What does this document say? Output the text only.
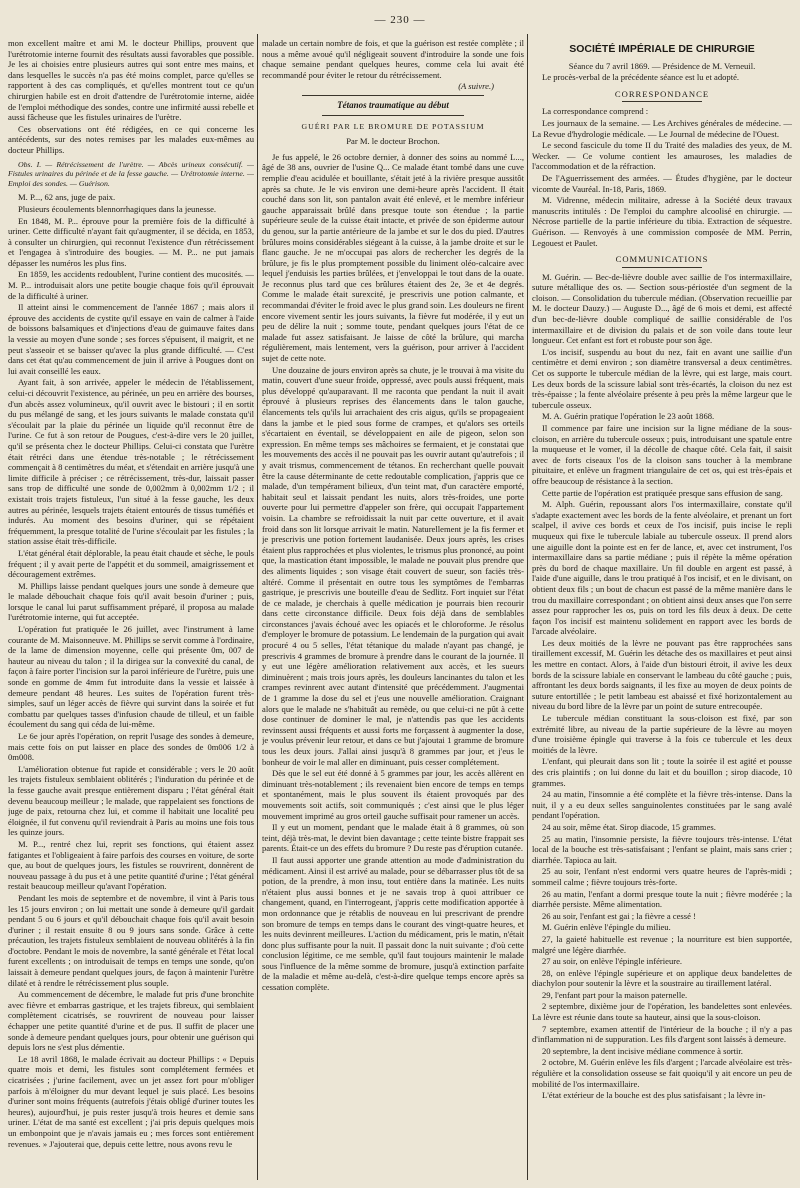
— 230 —

mon excellent maître et ami M. le docteur Phillips, prouvent que l'urétrotomie interne fournit des résultats aussi favorables que possible. Je les ai choisies entre plusieurs autres qui sont entre mes mains, et dans lesquelles le succès n'a pas été moins complet, parce qu'elles se rapportent à des cas compliqués, et qu'elles montrent tout ce qu'un chirurgien habile est en droit d'attendre de l'urétrotomie interne, aidée de l'emploi méthodique des sondes, contre une infirmité aussi rebelle et aussi fâcheuse que les fistules urinaires de l'urètre.

Ces observations ont été rédigées, en ce qui concerne les antécédents, sur des notes remises par les malades eux-mêmes au docteur Phillips.

Obs. I. — Rétrécissement de l'urètre. — Abcès urineux consécutif. — Fistules urinaires du périnée et de la fesse gauche. — Urétrotomie interne. — Emploi des sondes. — Guérison.

M. P..., 62 ans, juge de paix.

Plusieurs écoulements blennorrhagiques dans la jeunesse.

En 1848, M. P... éprouve pour la première fois de la difficulté à uriner. Cette difficulté n'ayant fait qu'augmenter, il se décida, en 1853, à consulter un chirurgien, qui reconnut l'existence d'un rétrécissement et l'engagea à s'introduire des bougies. — M. P... ne put jamais dépasser les numéros les plus fins.

En 1859, les accidents redoublent, l'urine contient des mucosités. — M. P... introduisait alors une petite bougie chaque fois qu'il éprouvait de la difficulté à uriner.

Il atteint ainsi le commencement de l'année 1867 ; mais alors il éprouve des accidents de cystite qu'il essaye en vain de calmer à l'aide de boissons balsamiques et d'injections d'eau de guimauve faites dans la vessie au moyen d'une sonde ; ses forces s'épuisent, il maigrit, et ne peut s'asseoir et se baisser qu'avec la plus grande difficulté. — C'est dans cet état qu'au commencement de juin il arrive à Pougues dont on lui avait conseillé les eaux.

Ayant fait, à son arrivée, appeler le médecin de l'établissement, celui-ci découvrit l'existence, au périnée, un peu en arrière des bourses, d'un abcès assez volumineux, qu'il ouvrit avec le bistouri ; il en sortit du pus mélangé de sang, et les jours suivants le malade constata qu'il s'écoulait par la plaie du périnée un liquide qu'il reconnut être de l'urine. Ce fut à son retour de Pougues, c'est-à-dire vers le 20 juillet, qu'il se présenta chez le docteur Phillips. Celui-ci constata que l'urètre était rétréci dans une étendue très-notable ; le rétrécissement commençait à 8 centimètres du méat, et s'étendait en arrière jusqu'à une limite difficile à préciser ; ce rétrécissement, très-dur, laissait passer sans trop de difficulté une sonde de 0,002mm à 0,002mm 1/2 ; il existait trois trajets fistuleux, l'un situé à la fesse gauche, les deux autres au périnée, lesquels trajets étaient entourés de tissus tuméfiés et indurés. Au moment des besoins d'uriner, qui se répétaient fréquemment, la presque totalité de l'urine s'écoulait par les fistules ; la station assise était très-difficile.

L'état général était déplorable, la peau était chaude et sèche, le pouls fréquent ; il y avait perte de l'appétit et du sommeil, amaigrissement et découragement extrêmes.

M. Phillips laisse pendant quelques jours une sonde à demeure que le malade débouchait chaque fois qu'il avait besoin d'uriner ; puis, lorsque le canal lui parut suffisamment préparé, il proposa au malade l'urétrotomie interne, qui fut acceptée.

L'opération fut pratiquée le 26 juillet, avec l'instrument à lame courante de M. Maisonneuve. M. Phillips se servit comme à l'ordinaire, de la lame de dimension moyenne, celle qui présente 0m, 007 de hauteur au niveau du talon ; il la dirigea sur la convexité du canal, de façon à faire porter l'incision sur la paroi inférieure de l'urètre, puis une sonde en gomme de 4mm fut introduite dans la vessie et laissée à demeure pendant 48 heures. Les suites de l'opération furent très-simples, sauf un léger accès de fièvre qui survint dans la soirée et fut combattu par quelques tasses d'infusion chaude de tilleul, et un faible écoulement du sang qui céda de lui-même.

Le 6e jour après l'opération, on reprit l'usage des sondes à demeure, mais cette fois on put laisser en place des sondes de 0m006 1/2 à 0m008.

L'amélioration obtenue fut rapide et considérable ; vers le 20 août les trajets fistuleux semblaient oblitérés ; l'induration du périnée et de la fesse gauche avait presque entièrement disparu ; l'état général était devenu beaucoup meilleur ; le malade, que rappelaient ses fonctions de juge de paix, retourna chez lui, et comme il habitait une localité peu éloignée, il fut convenu qu'il reviendrait à Paris au moins une fois tous les quinze jours.

M. P..., rentré chez lui, reprit ses fonctions, qui étaient assez fatigantes et l'obligeaient à faire parfois des courses en voiture, de sorte que, au bout de quelques jours, les fistules se rouvrirent, donnèrent de nouveau passage à du pus et à une petite quantité d'urine ; l'état général restait beaucoup meilleur qu'avant l'opération.

Pendant les mois de septembre et de novembre, il vint à Paris tous les 15 jours environ ; on lui mettait une sonde à demeure qu'il gardait pendant 5 ou 6 jours et qu'il débouchait chaque fois qu'il avait besoin d'uriner ; il restait ensuite 8 ou 9 jours sans sonde. Grâce à cette précaution, les trajets fistuleux semblaient de nouveau oblitérés à la fin d'octobre. Pendant le mois de novembre, la santé générale et l'état local furent excellents ; on introduisait de temps en temps une sonde, qu'on laissait à demeure pendant quelques jours, de façon à maintenir l'urètre dilaté et à rendre le rétrécissement plus souple.

Au commencement de décembre, le malade fut pris d'une bronchite avec fièvre et embarras gastrique, et les trajets fibreux, qui semblaient complètement cicatrisés, se rouvrirent de nouveau pour laisser échapper une petite quantité d'urine et de pus. Il suffit de placer une sonde à demeure pendant quelques jours, pour obtenir une guérison qui depuis lors ne s'est plus démentie.

Le 18 avril 1868, le malade écrivait au docteur Phillips : « Depuis quatre mois et demi, les fistules sont complétement fermées et cicatrisées ; j'urine facilement, avec un jet assez fort pour m'obliger parfois à m'éloigner du mur devant lequel je suis placé. Les besoins d'uriner sont moins fréquents (autrefois j'étais obligé d'uriner toutes les heures), aujourd'hui, je puis rester jusqu'à trois heures et demie sans uriner. L'état de ma santé est excellent ; j'ai pris depuis quelques mois un embonpoint que je n'avais jamais eu ; mes forces sont entièrement revenues. » J'ajouterai que, depuis cette lettre, nous avons revu le

malade un certain nombre de fois, et que la guérison est restée complète ; il nous a même avoué qu'il négligeait souvent d'introduire la sonde une fois chaque semaine pendant quelques heures, comme cela lui avait été recommandé pour éviter le retour du rétrécissement.

(A suivre.)

Tétanos traumatique au début

GUÉRI PAR LE BROMURE DE POTASSIUM

Par M. le docteur Brochon.

Je fus appelé, le 26 octobre dernier, à donner des soins au nommé L..., âgé de 38 ans, ouvrier de l'usine Q... Ce malade étant tombé dans une cuve remplie d'eau acidulée et bouillante, s'était jeté à la rivière presque aussitôt après sa chute. Je le vis environ une demi-heure après l'accident. Il était couché dans son lit, son pantalon avait été enlevé, et le membre inférieur gauche apparaissait brûlé dans presque toute son étendue ; la partie supérieure seule de la cuisse était intacte, et privée de son épiderme autour du genou, sur la partie antérieure de la jambe et sur le dos du pied. D'autres brûlures moins considérables siégeant à la cuisse, à la jambe droite et sur le flanc gauche. Je ne m'occupai pas alors de rechercher les degrés de la brûlure, je fis le plus promptement possible du liniment oléo-calcaire avec lequel j'enduisis les parties brûlées, et j'enveloppai le tout dans de la ouate. Je reconnus plus tard que ces brûlures étaient des 2e, 3e et 4e degrés. Comme le malade était surexcité, je prescrivis une potion calmante, et recommandai d'éviter le froid avec le plus grand soin. Les douleurs ne firent encore vivement sentir les jours suivants, la fièvre fut modérée, il y eut un peu de délire la nuit ; somme toute, pendant quelques jours l'état de ce malade fut assez satisfaisant. Je laisse de côté la brûlure, qui marcha régulièrement, mais lentement, vers la guérison, pour arriver à l'accident sujet de cette note.

Une douzaine de jours environ après sa chute, je le trouvai à ma visite du matin, couvert d'une sueur froide, oppressé, avec pouls aussi fréquent, mais plus développé qu'auparavant. Il me raconta que pendant la nuit il avait éprouvé à plusieurs reprises des élancements dans le talon gauche, élancements tels qu'ils lui arrachaient des cris aigus, qu'ils se propageaient dans la jambe et le pied sous forme de crampes, et qu'alors ses orteils s'écartaient en éventail, se développaient en aile de pigeon, selon son expression. En même temps ses mâchoires se fermaient, et je constatai que les mouvements des accès il ne pouvait pas les ouvrir autant qu'autrefois ; il y avait trismus, commencement de tétanos. En recherchant quelle pouvait être la cause déterminante de cette redoutable complication, j'appris que ce malade, d'un tempérament bilieux, d'un teint mat, d'un caractère emporté, habitait seul et laissait pendant les nuits, alors très-froides, une porte ouverte pour lui permettre d'appeler son frère, qui occupait l'appartement voisin. La chambre se refroidissait la nuit par cette ouverture, et il avait froid dans son lit lorsque arrivait le matin. Naturellement je la fis fermer et je prescrivis une potion fortement laudanisée. Deux jours après, les crises étaient plus rapprochées et plus violentes, le trismus plus prononcé, au point que, la mastication étant impossible, le malade ne pouvait plus prendre que des aliments liquides ; son visage était couvert de sueur, son faciès très-altéré. Comme il présentait en outre tous les symptômes de l'embarras gastrique, je prescrivis une bouteille d'eau de Sedlitz. Fort inquiet sur l'état de ce malade, je cherchais à quelle médication je pourrais bien recourir dans cette circonstance difficile. Deux fois déjà dans de semblables circonstances j'avais échoué avec les opiacés et le chloroforme. Je résolus d'employer le bromure de potassium. Le lendemain de la purgation qui avait procuré 4 ou 5 selles, l'état tétanique du malade n'ayant pas changé, je prescrivis 4 grammes de bromure à prendre dans le courant de la journée. Il y eut une légère amélioration relativement aux accès, et les sueurs diminuèrent ; mais trois jours après, les douleurs lancinantes du talon et les crampes revinrent avec autant d'intensité que précédemment. J'augmentai de 1 gramme la dose du sel et j'eus une nouvelle amélioration. Craignant alors que le malade ne s'habituât au remède, ou que celui-ci ne pût à cette dose continuer de dominer le mal, je n'attendis pas que les accidents revinssent aussi fréquents et aussi forts me forçassent à augmenter la dose, je voulus prévenir leur retour, et dans ce but j'ajoutai 1 gramme de bromure tous les deux jours. J'allai ainsi jusqu'à 8 grammes par jour, et j'eus le bonheur de voir le mal aller en diminuant, puis cesser complétement.

Dès que le sel eut été donné à 5 grammes par jour, les accès allèrent en diminuant très-notablement ; ils revenaient bien encore de temps en temps et spontanément, mais le plus souvent ils étaient provoqués par des mouvements soit actifs, soit communiqués ; c'est ainsi que le plus léger mouvement imprimé au gros orteil gauche suffisait pour ramener un accès.

Il y eut un moment, pendant que le malade était à 8 grammes, où son teint, déjà très-mat, le devint bien davantage ; cette teinte bistre frappait ses parents. Était-ce un des effets du bromure ? Du reste pas d'éruption cutanée.

Il faut aussi apporter une grande attention au mode d'administration du médicament. Ainsi il est arrivé au malade, pour se débarrasser plus tôt de sa potion, de la prendre, à mon insu, tout entière dans la matinée. Les nuits n'étaient plus aussi bonnes et je ne savais trop à quoi attribuer ce changement, quand, en l'interrogeant, j'appris cette modification apportée à mon ordonnance que je rétablis de nouveau en lui prescrivant de prendre son bromure de temps en temps dans le courant des vingt-quatre heures, et les nuits devinrent meilleures. L'action du médicament, pris le matin, n'était donc plus suffisante pour la nuit. Il passait donc la nuit suivante ; d'où cette conclusion légitime, ce me semble, qu'il faut toujours maintenir le malade sous l'influence de la même somme de bromure, jusqu'à extinction parfaite de la maladie et même au-delà, c'est-à-dire quelque temps encore après sa cessation complète.

SOCIÉTÉ IMPÉRIALE DE CHIRURGIE

Séance du 7 avril 1869. — Présidence de M. Verneuil.

Le procès-verbal de la précédente séance est lu et adopté.

CORRESPONDANCE

La correspondance comprend :

Les journaux de la semaine. — Les Archives générales de médecine. — La Revue d'hydrologie médicale. — Le Journal de médecine de l'Ouest.

Le second fascicule du tome II du Traité des maladies des yeux, de M. Wecker. — Ce volume contient les amauroses, les maladies de l'accommodation et de la réfraction.

De l'Aguerrissement des armées. — Études d'hygiène, par le docteur vicomte de Vauréal. In-18, Paris, 1869.

M. Vidrenne, médecin militaire, adresse à la Société deux travaux manuscrits intitulés : De l'emploi du camphre alcoolisé en chirurgie. — Nécrose partielle de la partie inférieure du tibia. Extraction de séquestre. Guérison. — Renvoyés à une commission composée de MM. Perrin, Legouest et Paulet.

COMMUNICATIONS

M. Guérin. — Bec-de-lièvre double avec saillie de l'os intermaxillaire, suture métallique des os. — Section sous-périostée d'un segment de la cloison. — Consolidation du tubercule médian. (Observation recueillie par M. le docteur Dauzy.) — Auguste D..., âgé de 6 mois et demi, est affecté d'un bec-de-lièvre double compliqué de saillie considérable de l'os intermaxillaire et de division du palais et de son voile dans toute leur longueur. Cet enfant est fort et robuste pour son âge.

L'os incisif, suspendu au bout du nez, fait en avant une saillie d'un centimètre et demi environ ; son diamètre transversal a deux centimètres. Cet os supporte le tubercule médian de la lèvre, qui est large, mais court. Les deux bords de la scissure labial sont très-écartés, la cloison du nez est très-épaisse ; la fente alvéolaire présente à peu près la même largeur que le tubercule osseux.

M. A. Guérin pratique l'opération le 23 août 1868.

Il commence par faire une incision sur la ligne médiane de la sous-cloison, en arrière du tubercule osseux ; puis, introduisant une spatule entre la muqueuse et le vomer, il la décolle de chaque côté. Cela fait, il saisit avec de forts ciseaux l'os de la cloison sans toucher à la membrane pituitaire, et enlève un fragment triangulaire de cet os, qui est très-épais et offre beaucoup de résistance à la section.

Cette partie de l'opération est pratiquée presque sans effusion de sang.

M. Alph. Guérin, repoussant alors l'os intermaxillaire, constate qu'il s'adapte exactement avec les bords de la fente alvéolaire, et prenant un fort scalpel, il avive ces bords et ceux de l'os incisif, puis incise le repli muqueux qui fixe le tubercule labiale au tubercule osseux. Il prend alors une aiguille dont la pointe est en fer de lance, et, avec cet instrument, l'os intermaxillaire dans sa partie médiane ; puis il répète la même opération près du bord de chaque maxillaire. Un fil double en argent est passé, à l'aide d'une aiguille, dans le trou pratiqué à l'os incisif, et en le divisant, on obtient deux fils ; un bout de chacun est passé de la même manière dans le trou du maxillaire correspondant ; on obtient ainsi deux anses que l'on serre assez pour rapprocher les os, puis on tord les fils deux à deux. De cette façon l'os incisif est maintenu solidement en rapport avec les bords de l'arcade alvéolaire.

Les deux moitiés de la lèvre ne pouvant pas être rapprochées sans tiraillement excessif, M. Guérin les détache des os maxillaires et peut ainsi les mettre en contact. Alors, à l'aide d'un bistouri étroit, il avive les deux bords de la scissure labiale en conservant le lambeau du côté gauche ; puis, affrontant les deux bords saignants, il les fixe au moyen de deux points de suture entortillée ; le petit lambeau est abaissé et fixé horizontalement au niveau du bord libre de la lèvre par un point de suture entrecoupée.

Le tubercule médian constituant la sous-cloison est fixé, par son extrémité libre, au niveau de la partie supérieure de la lèvre au moyen d'une troisième épingle qui traverse à la fois ce tubercule et les deux moitiés de la lèvre.

L'enfant, qui pleurait dans son lit ; toute la soirée il est agité et pousse des cris plaintifs ; on lui donne du lait et du bouillon ; sirop diacode, 10 grammes.

24 au matin, l'insomnie a été complète et la fièvre très-intense. Dans la nuit, il y a eu deux selles sanguinolentes constituées par le sang avalé pendant l'opération.

24 au soir, même état. Sirop diacode, 15 grammes.

25 au matin, l'insomnie persiste, la fièvre toujours très-intense. L'état local de la bouche est très-satisfaisant ; l'enfant se plaint, mais sans crier ; diarrhée. Tapioca au lait.

25 au soir, l'enfant n'est endormi vers quatre heures de l'après-midi ; sommeil calme ; fièvre toujours très-forte.

26 au matin, l'enfant a dormi presque toute la nuit ; fièvre modérée ; la diarrhée persiste. Même alimentation.

26 au soir, l'enfant est gai ; la fièvre a cessé !

M. Guérin enlève l'épingle du milieu.

27, la gaieté habituelle est revenue ; la nourriture est bien supportée, malgré une légère diarrhée.

27 au soir, on enlève l'épingle inférieure.

28, on enlève l'épingle supérieure et on applique deux bandelettes de diachylon pour soutenir la lèvre et la soustraire au tiraillement latéral.

29, l'enfant part pour la maison paternelle.

2 septembre, dixième jour de l'opération, les bandelettes sont enlevées. La lèvre est réunie dans toute sa hauteur, ainsi que la sous-cloison.

7 septembre, examen attentif de l'intérieur de la bouche ; il n'y a pas d'inflammation ni de suppuration. Les fils d'argent sont laissés à demeure.

20 septembre, la dent incisive médiane commence à sortir.

2 octobre, M. Guérin enlève les fils d'argent ; l'arcade alvéolaire est très-régulière et la consolidation osseuse se fait quoiqu'il y ait encore un peu de mobilité de l'os intermaxillaire.

L'état extérieur de la bouche est des plus satisfaisant ; la lèvre in-
